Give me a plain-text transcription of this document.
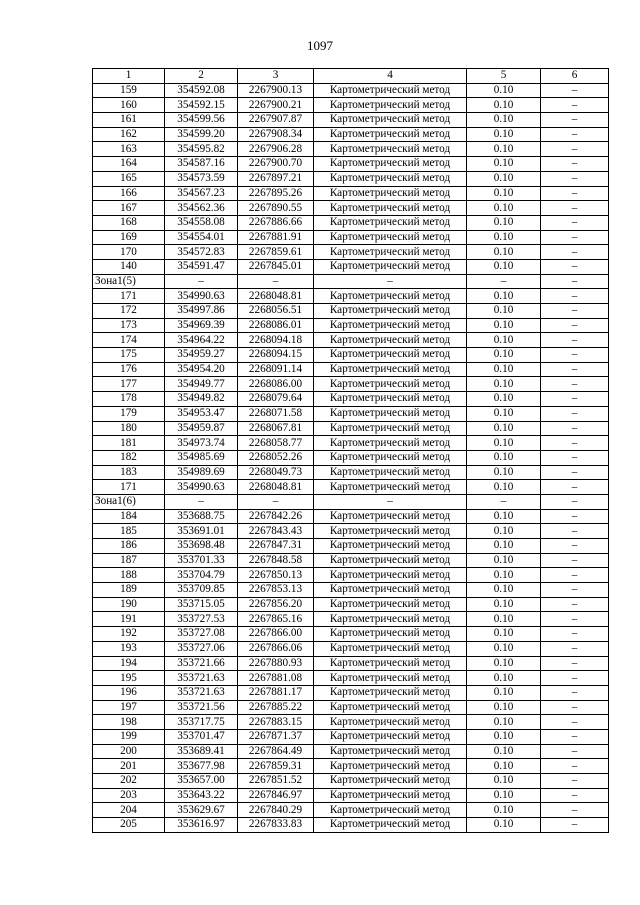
1097
1	2	3	4	5	6
159	354592.08	2267900.13	Картометрический метод	0.10	–
160	354592.15	2267900.21	Картометрический метод	0.10	–
161	354599.56	2267907.87	Картометрический метод	0.10	–
162	354599.20	2267908.34	Картометрический метод	0.10	–
163	354595.82	2267906.28	Картометрический метод	0.10	–
164	354587.16	2267900.70	Картометрический метод	0.10	–
165	354573.59	2267897.21	Картометрический метод	0.10	–
166	354567.23	2267895.26	Картометрический метод	0.10	–
167	354562.36	2267890.55	Картометрический метод	0.10	–
168	354558.08	2267886.66	Картометрический метод	0.10	–
169	354554.01	2267881.91	Картометрический метод	0.10	–
170	354572.83	2267859.61	Картометрический метод	0.10	–
140	354591.47	2267845.01	Картометрический метод	0.10	–
Зона1(5)	–	–	–	–	–
171	354990.63	2268048.81	Картометрический метод	0.10	–
172	354997.86	2268056.51	Картометрический метод	0.10	–
173	354969.39	2268086.01	Картометрический метод	0.10	–
174	354964.22	2268094.18	Картометрический метод	0.10	–
175	354959.27	2268094.15	Картометрический метод	0.10	–
176	354954.20	2268091.14	Картометрический метод	0.10	–
177	354949.77	2268086.00	Картометрический метод	0.10	–
178	354949.82	2268079.64	Картометрический метод	0.10	–
179	354953.47	2268071.58	Картометрический метод	0.10	–
180	354959.87	2268067.81	Картометрический метод	0.10	–
181	354973.74	2268058.77	Картометрический метод	0.10	–
182	354985.69	2268052.26	Картометрический метод	0.10	–
183	354989.69	2268049.73	Картометрический метод	0.10	–
171	354990.63	2268048.81	Картометрический метод	0.10	–
Зона1(6)	–	–	–	–	–
184	353688.75	2267842.26	Картометрический метод	0.10	–
185	353691.01	2267843.43	Картометрический метод	0.10	–
186	353698.48	2267847.31	Картометрический метод	0.10	–
187	353701.33	2267848.58	Картометрический метод	0.10	–
188	353704.79	2267850.13	Картометрический метод	0.10	–
189	353709.85	2267853.13	Картометрический метод	0.10	–
190	353715.05	2267856.20	Картометрический метод	0.10	–
191	353727.53	2267865.16	Картометрический метод	0.10	–
192	353727.08	2267866.00	Картометрический метод	0.10	–
193	353727.06	2267866.06	Картометрический метод	0.10	–
194	353721.66	2267880.93	Картометрический метод	0.10	–
195	353721.63	2267881.08	Картометрический метод	0.10	–
196	353721.63	2267881.17	Картометрический метод	0.10	–
197	353721.56	2267885.22	Картометрический метод	0.10	–
198	353717.75	2267883.15	Картометрический метод	0.10	–
199	353701.47	2267871.37	Картометрический метод	0.10	–
200	353689.41	2267864.49	Картометрический метод	0.10	–
201	353677.98	2267859.31	Картометрический метод	0.10	–
202	353657.00	2267851.52	Картометрический метод	0.10	–
203	353643.22	2267846.97	Картометрический метод	0.10	–
204	353629.67	2267840.29	Картометрический метод	0.10	–
205	353616.97	2267833.83	Картометрический метод	0.10	–
